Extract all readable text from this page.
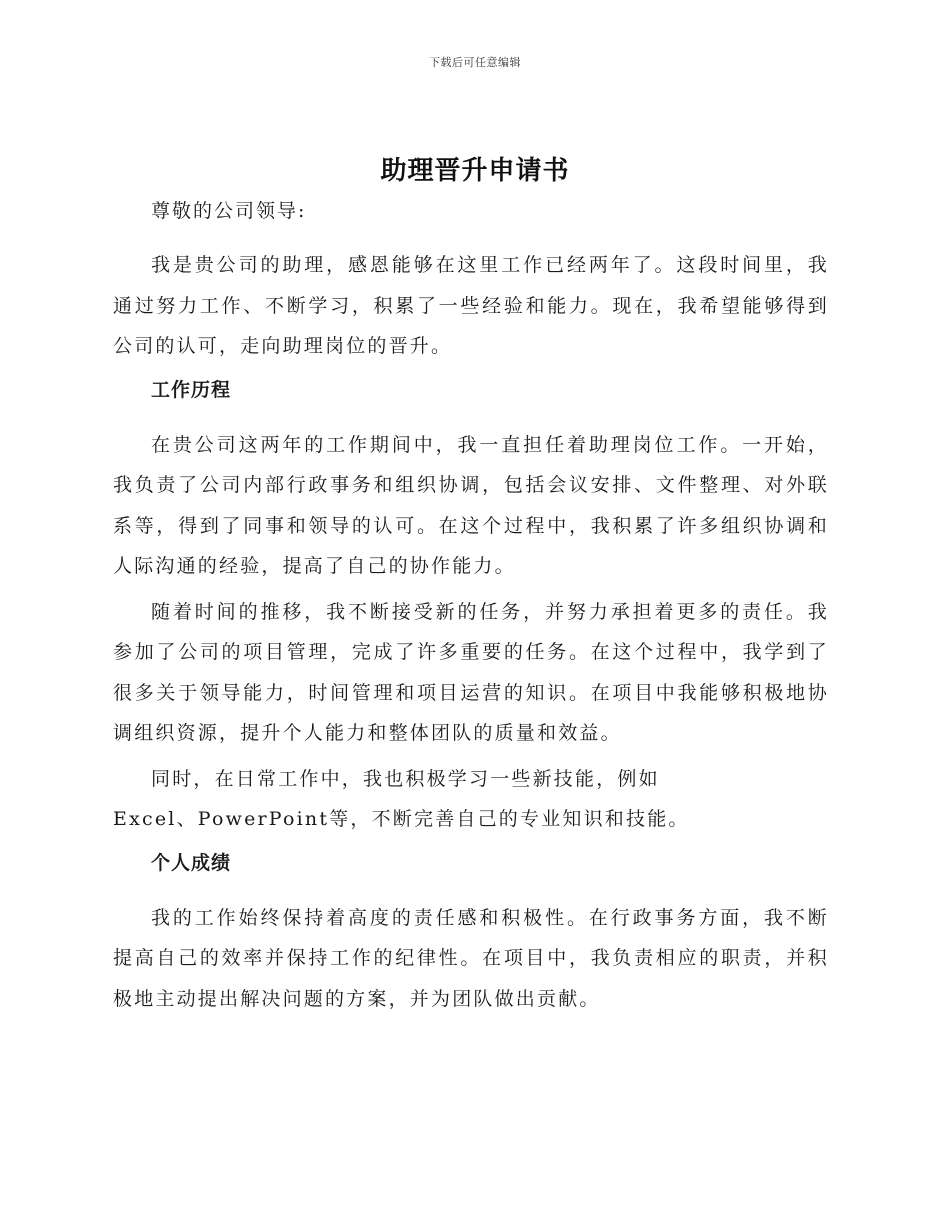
下载后可任意编辑
助理晋升申请书

尊敬的公司领导:

我是贵公司的助理，感恩能够在这里工作已经两年了。这段时间里，我通过努力工作、不断学习，积累了一些经验和能力。现在，我希望能够得到公司的认可，走向助理岗位的晋升。

工作历程

在贵公司这两年的工作期间中，我一直担任着助理岗位工作。一开始，我负责了公司内部行政事务和组织协调，包括会议安排、文件整理、对外联系等，得到了同事和领导的认可。在这个过程中，我积累了许多组织协调和人际沟通的经验，提高了自己的协作能力。

随着时间的推移，我不断接受新的任务，并努力承担着更多的责任。我参加了公司的项目管理，完成了许多重要的任务。在这个过程中，我学到了很多关于领导能力，时间管理和项目运营的知识。在项目中我能够积极地协调组织资源，提升个人能力和整体团队的质量和效益。

同时，在日常工作中，我也积极学习一些新技能，例如
Excel、PowerPoint等，不断完善自己的专业知识和技能。

个人成绩

我的工作始终保持着高度的责任感和积极性。在行政事务方面，我不断提高自己的效率并保持工作的纪律性。在项目中，我负责相应的职责，并积极地主动提出解决问题的方案，并为团队做出贡献。
